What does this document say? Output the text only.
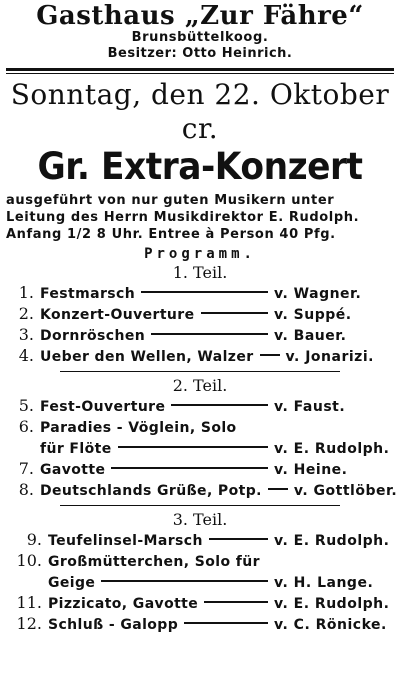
Gasthaus „Zur Fähre“
Brunsbüttelkoog.
Besitzer: Otto Heinrich.
Sonntag, den 22. Oktober cr.
Gr. Extra-Konzert
ausgeführt von nur guten Musikern unter
Leitung des Herrn Musikdirektor E. Rudolph.
Anfang 1/2 8 Uhr. Entree à Person 40 Pfg.
Programm.
1. Teil.
1. Festmarsch	v. Wagner.
2. Konzert-Ouverture	v. Suppé.
3. Dornröschen	v. Bauer.
4. Ueber den Wellen, Walzer v. Jonarizi.
2. Teil.
5. Fest-Ouverture	v. Faust.
6. Paradies - Vöglein, Solo
für Flöte	v. E. Rudolph.
7. Gavotte	v. Heine.
8. Deutschlands Grüße, Potp. v. Gottlöber.
3. Teil.
9. Teufelinsel-Marsch	v. E. Rudolph.
10. Großmütterchen, Solo für
Geige	v. H. Lange.
11. Pizzicato, Gavotte	v. E. Rudolph.
12. Schluß - Galopp	v. C. Rönicke.
